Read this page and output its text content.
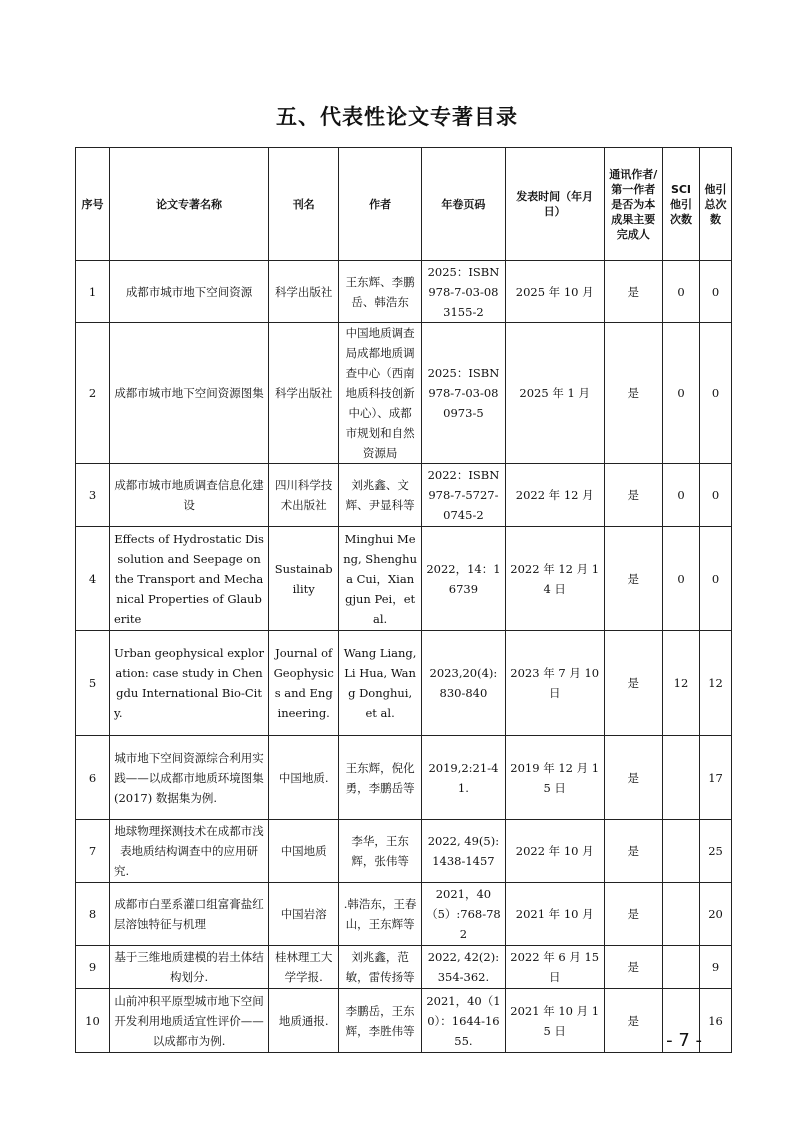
五、代表性论文专著目录
序号	论文专著名称	刊名	作者	年卷页码	发表时间（年月日）	通讯作者/第一作者是否为本成果主要完成人	SCI他引次数	他引总次数
1	成都市城市地下空间资源	科学出版社	王东辉、李鹏岳、韩浩东	2025：ISBN 978-7-03-083155-2	2025 年 10 月	是	0	0
2	成都市城市地下空间资源图集	科学出版社	中国地质调查局成都地质调查中心（西南地质科技创新中心）、成都市规划和自然资源局	2025：ISBN 978-7-03-080973-5	2025 年 1 月	是	0	0
3	成都市城市地质调查信息化建设	四川科学技术出版社	刘兆鑫、文辉、尹显科等	2022：ISBN 978-7-5727-0745-2	2022 年 12 月	是	0	0
4	Effects of Hydrostatic Dissolution and Seepage on the Transport and Mechanical Properties of Glauberite	Sustainability	Minghui Meng, Shenghua Cui，Xiangjun Pei，et al.	2022，14：16739	2022 年 12 月 14 日	是	0	0
5	Urban geophysical exploration: case study in Chengdu International Bio-City.	Journal of Geophysics and Engineering.	Wang Liang, Li Hua, Wang Donghui, et al.	2023,20(4): 830-840	2023 年 7 月 10 日	是	12	12
6	城市地下空间资源综合利用实践——以成都市地质环境图集 (2017) 数据集为例.	中国地质.	王东辉，倪化勇，李鹏岳等	2019,2:21-41.	2019 年 12 月 15 日	是		17
7	地球物理探测技术在成都市浅表地质结构调查中的应用研究.	中国地质	李华，王东辉，张伟等	2022, 49(5): 1438-1457	2022 年 10 月	是		25
8	成都市白垩系灌口组富膏盐红层溶蚀特征与机理	中国岩溶	.韩浩东，王春山，王东辉等	2021，40（5）:768-782	2021 年 10 月	是		20
9	基于三维地质建模的岩土体结构划分.	桂林理工大学学报.	刘兆鑫，范敏，雷传扬等	2022, 42(2): 354-362.	2022 年 6 月 15 日	是		9
10	山前冲积平原型城市地下空间开发利用地质适宜性评价——以成都市为例.	地质通报.	李鹏岳，王东辉，李胜伟等	2021，40（10）：1644-1655.	2021 年 10 月 15 日	是		16
- 7 -
